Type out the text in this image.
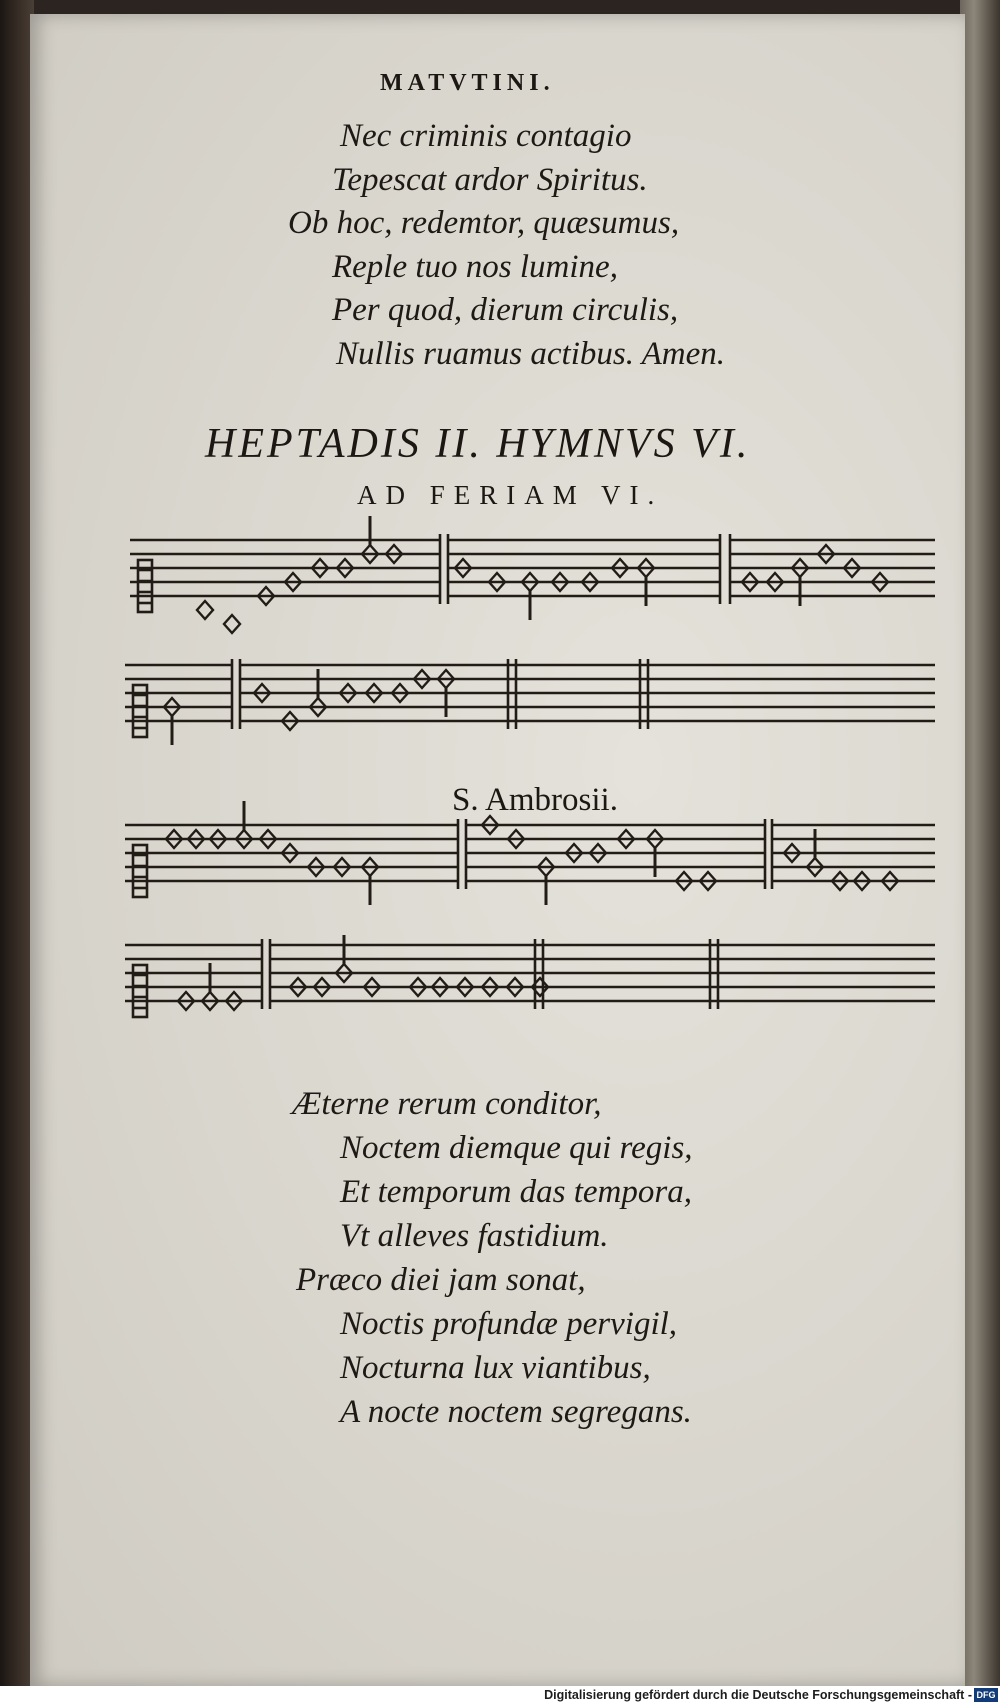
MATVTINI.
Nec criminis contagio
Tepescat ardor Spiritus.
Ob hoc, redemtor, quæsumus,
Reple tuo nos lumine,
Per quod, dierum circulis,
Nullis ruamus actibus. Amen.
HEPTADIS II. HYMNVS VI.
AD FERIAM VI.
S. Ambrosii.
Æterne rerum conditor,
Noctem diemque qui regis,
Et temporum das tempora,
Vt alleves fastidium.
Præco diei jam sonat,
Noctis profundæ pervigil,
Nocturna lux viantibus,
A nocte noctem segregans.
Digitalisierung gefördert durch die Deutsche Forschungsgemeinschaft - DFG
